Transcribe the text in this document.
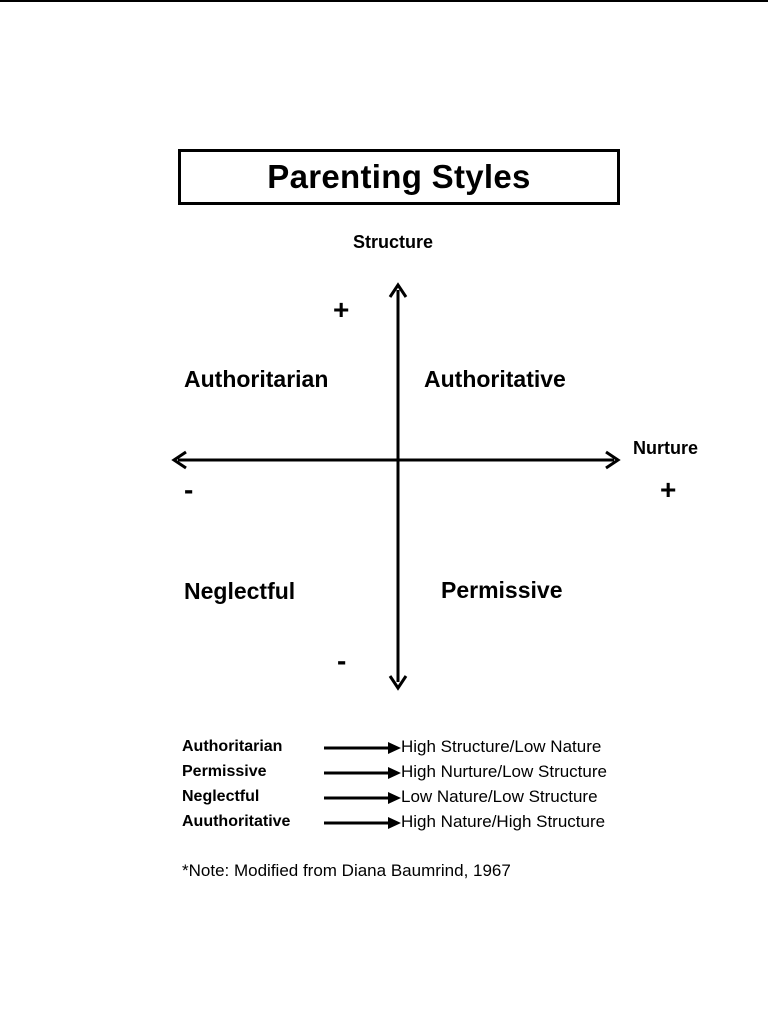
Parenting Styles
Structure
Nurture
+
-
+
-
Authoritarian	Authoritative
Neglectful	Permissive
Authoritarian	High Structure/Low Nature
Permissive	High Nurture/Low Structure
Neglectful	Low Nature/Low Structure
Auuthoritative	High Nature/High Structure
*Note: Modified from Diana Baumrind, 1967
